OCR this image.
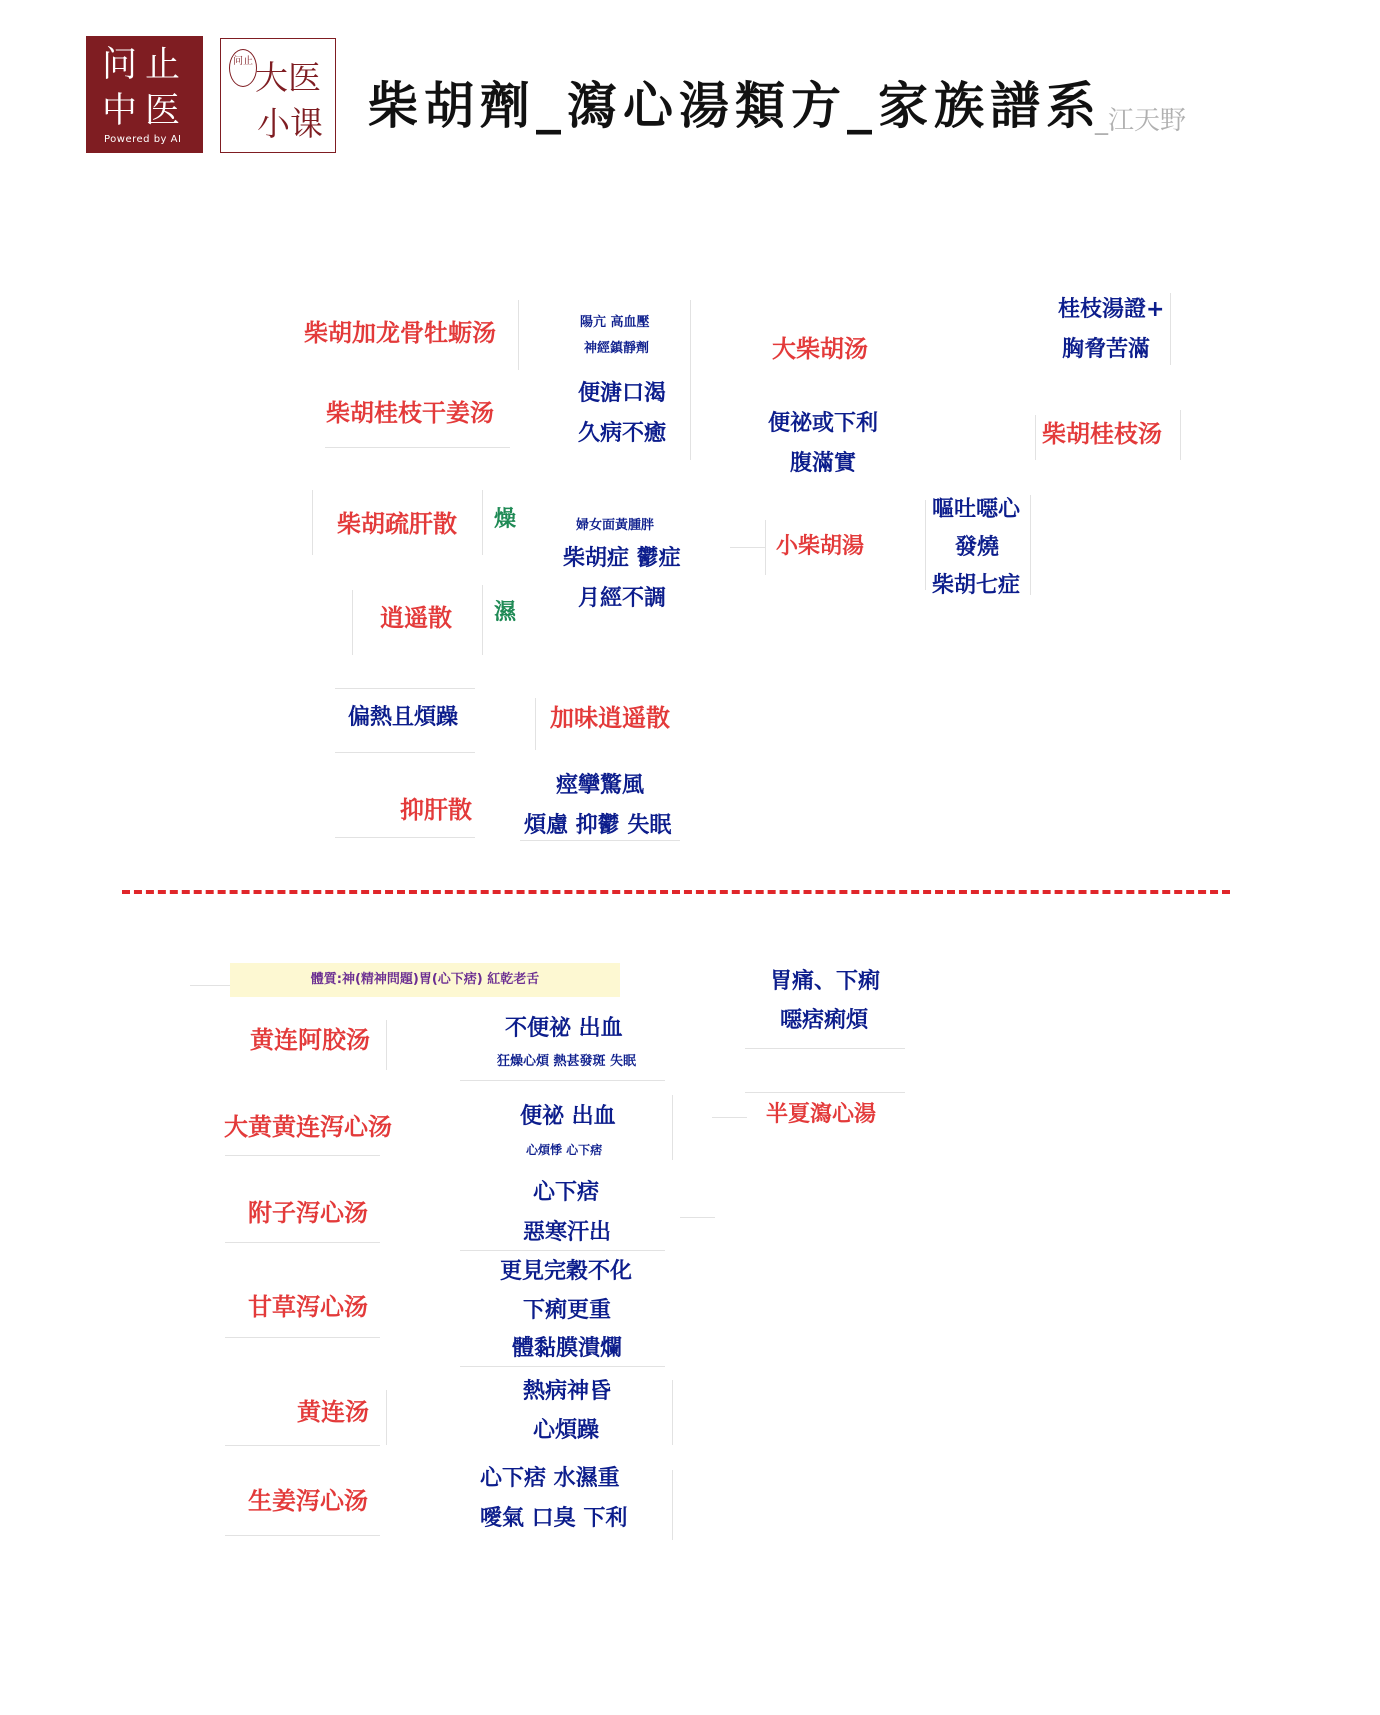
问止
中医
Powered by AI
问止 大医
小课 柴胡劑_瀉心湯類方_家族譜系
_江天野
柴胡加龙骨牡蛎汤	陽亢 高血壓
神經鎮靜劑	大柴胡汤
桂枝湯證+
胸脅苦滿
柴胡桂枝干姜汤
便溏口渴
久病不癒	便祕或下利
腹滿實
柴胡桂枝汤
柴胡疏肝散 燥	婦女面黃腫胖
柴胡症 鬱症
月經不調
小柴胡湯
嘔吐噁心
發燒
柴胡七症
逍遥散 濕
偏熱且煩躁	加味逍遥散
痙攣驚風
抑肝散
煩慮 抑鬱 失眠
體質:神(精神問題)胃(心下痞) 紅乾老舌	胃痛、下痢
噁痞痢煩
黄连阿胶汤	不便祕 出血
狂燥心煩 熱甚發斑 失眠
大黄黄连泻心汤	便祕 出血
心煩悸 心下痞
半夏瀉心湯
附子泻心汤
心下痞
惡寒汗出
更見完穀不化
甘草泻心汤	下痢更重
體黏膜潰爛
熱病神昏
黄连汤
心煩躁
心下痞 水濕重
生姜泻心汤
噯氣 口臭 下利
